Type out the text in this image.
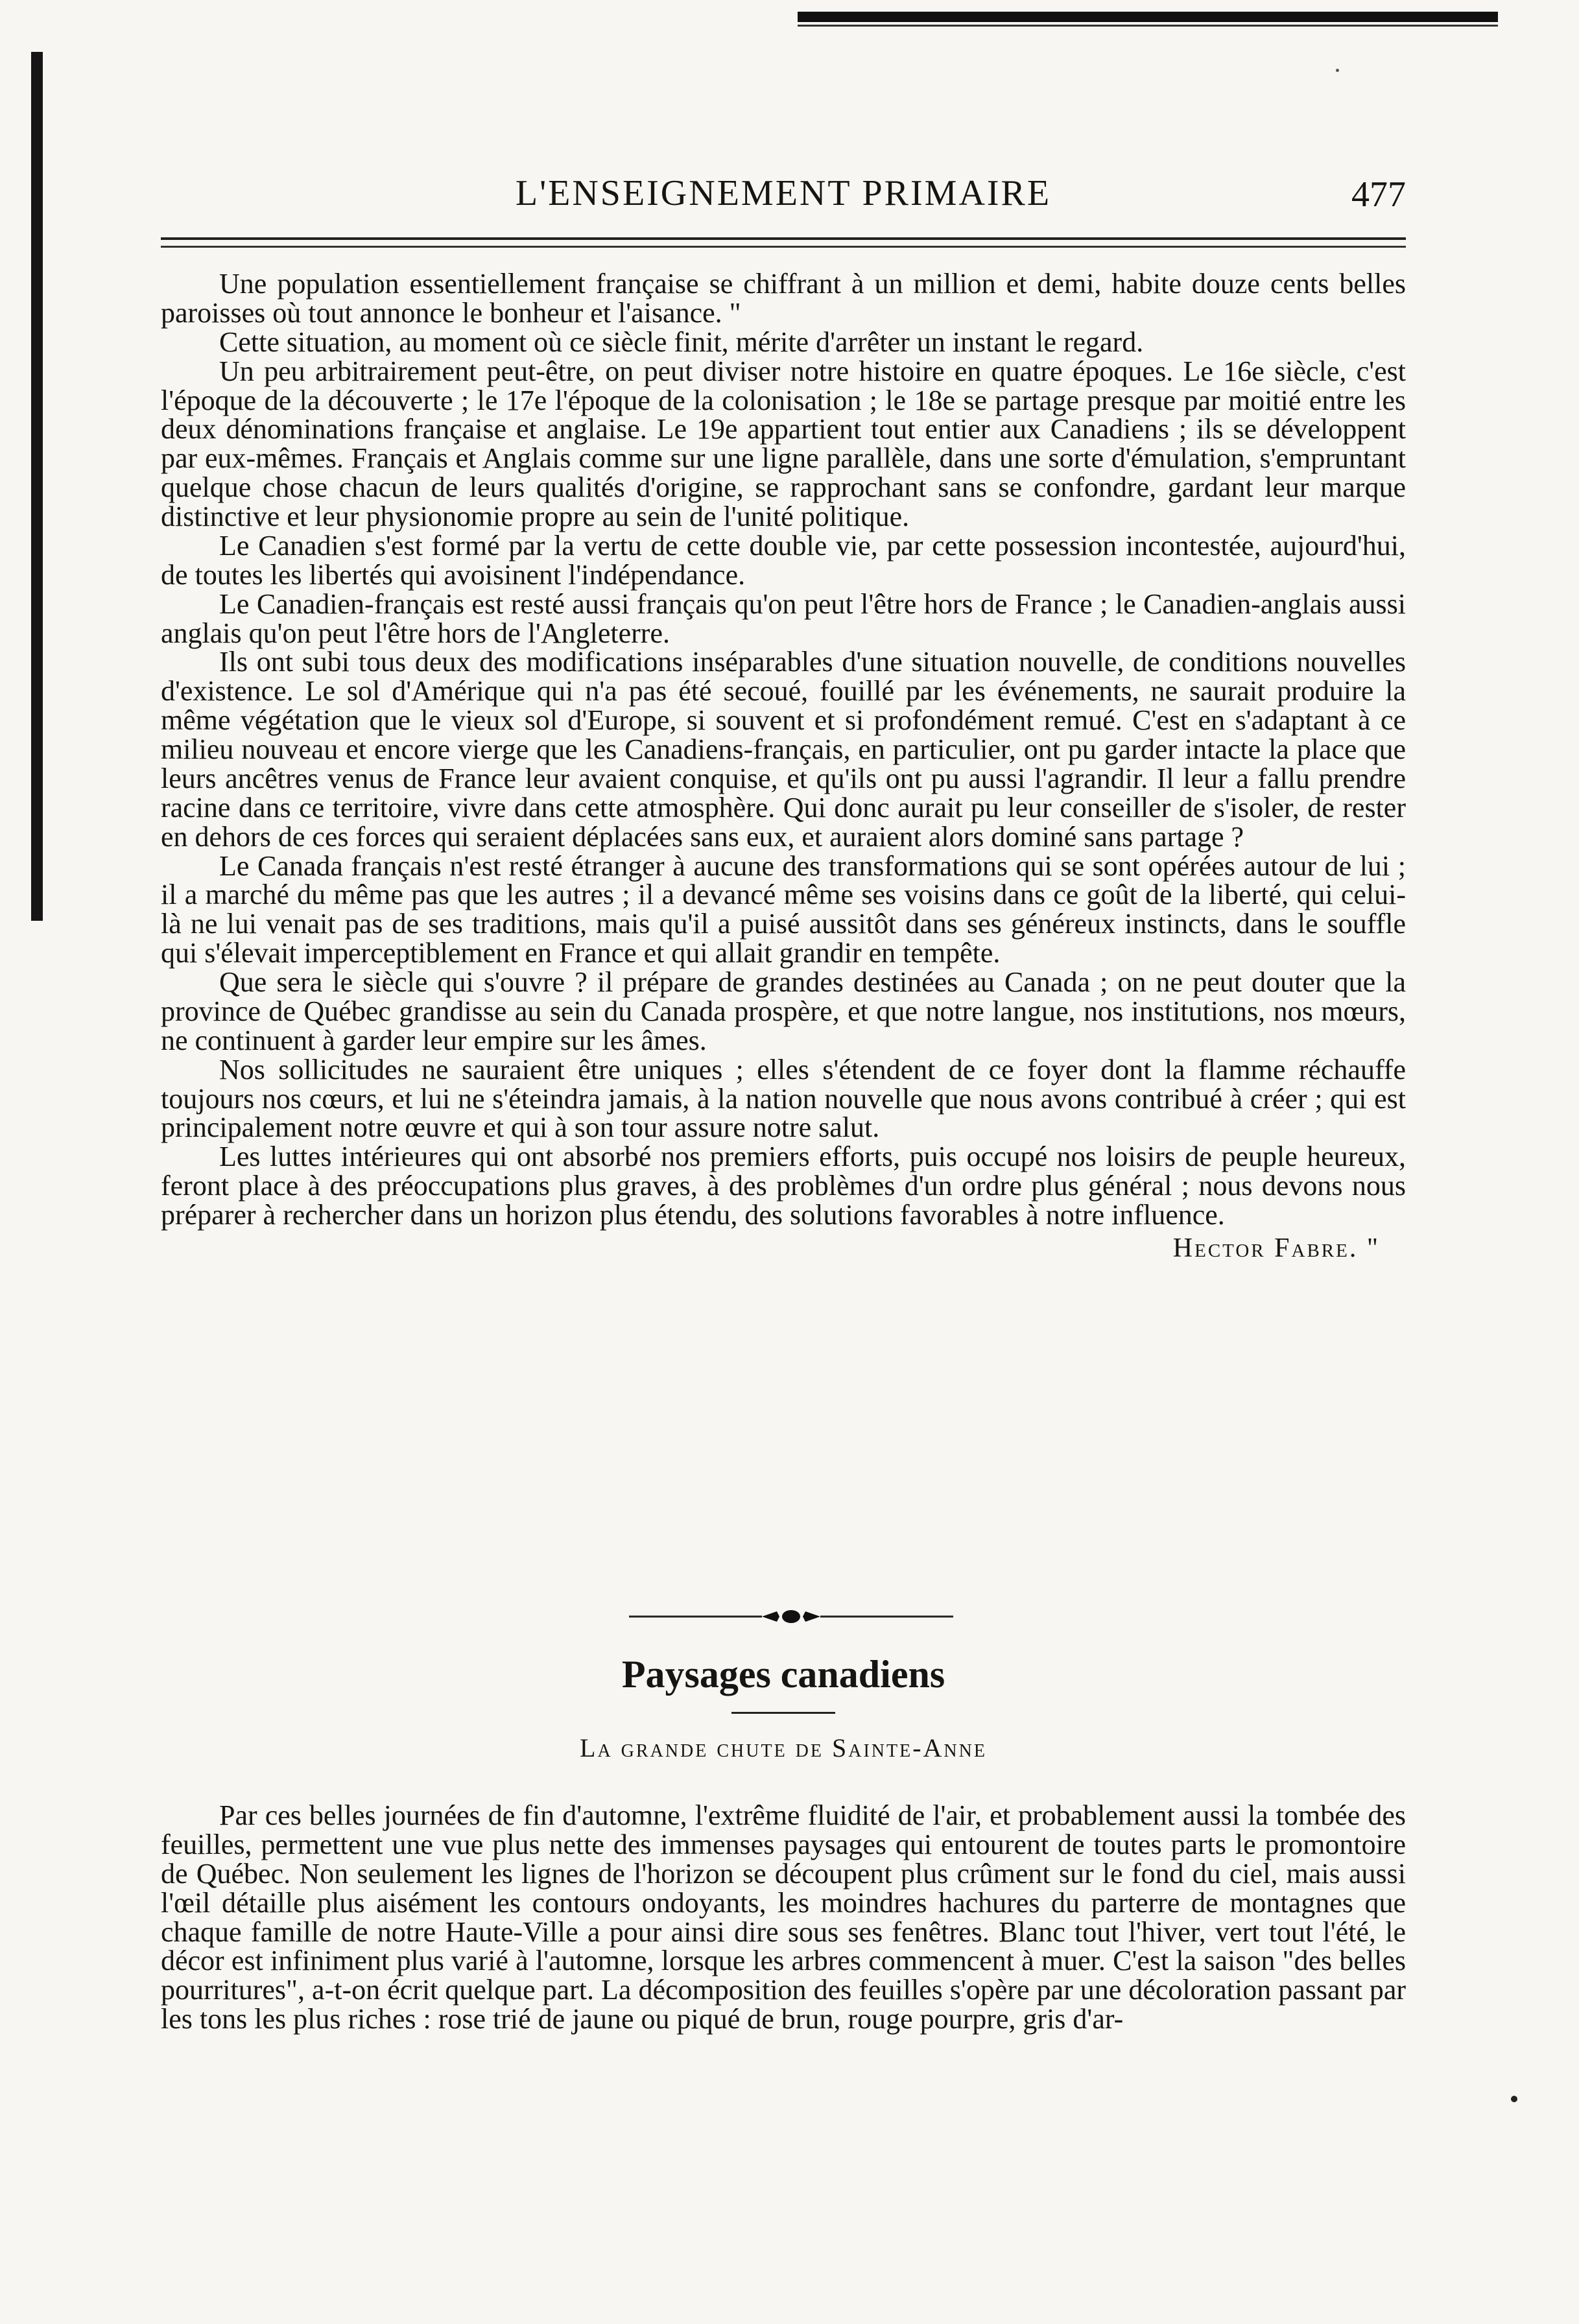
L'ENSEIGNEMENT PRIMAIRE	477

Une population essentiellement française se chiffrant à un million et demi, habite douze cents belles paroisses où tout annonce le bonheur et l'aisance. "

Cette situation, au moment où ce siècle finit, mérite d'arrêter un instant le regard.

Un peu arbitrairement peut-être, on peut diviser notre histoire en quatre époques. Le 16e siècle, c'est l'époque de la découverte ; le 17e l'époque de la colonisation ; le 18e se partage presque par moitié entre les deux dénominations française et anglaise. Le 19e appartient tout entier aux Canadiens ; ils se développent par eux-mêmes. Français et Anglais comme sur une ligne parallèle, dans une sorte d'émulation, s'empruntant quelque chose chacun de leurs qualités d'origine, se rapprochant sans se confondre, gardant leur marque distinctive et leur physionomie propre au sein de l'unité politique.

Le Canadien s'est formé par la vertu de cette double vie, par cette possession incontestée, aujourd'hui, de toutes les libertés qui avoisinent l'indépendance.

Le Canadien-français est resté aussi français qu'on peut l'être hors de France ; le Canadien-anglais aussi anglais qu'on peut l'être hors de l'Angleterre.

Ils ont subi tous deux des modifications inséparables d'une situation nouvelle, de conditions nouvelles d'existence. Le sol d'Amérique qui n'a pas été secoué, fouillé par les événements, ne saurait produire la même végétation que le vieux sol d'Europe, si souvent et si profondément remué. C'est en s'adaptant à ce milieu nouveau et encore vierge que les Canadiens-français, en particulier, ont pu garder intacte la place que leurs ancêtres venus de France leur avaient conquise, et qu'ils ont pu aussi l'agrandir. Il leur a fallu prendre racine dans ce territoire, vivre dans cette atmosphère. Qui donc aurait pu leur conseiller de s'isoler, de rester en dehors de ces forces qui seraient déplacées sans eux, et auraient alors dominé sans partage ?

Le Canada français n'est resté étranger à aucune des transformations qui se sont opérées autour de lui ; il a marché du même pas que les autres ; il a devancé même ses voisins dans ce goût de la liberté, qui celui-là ne lui venait pas de ses traditions, mais qu'il a puisé aussitôt dans ses généreux instincts, dans le souffle qui s'élevait imperceptiblement en France et qui allait grandir en tempête.

Que sera le siècle qui s'ouvre ? il prépare de grandes destinées au Canada ; on ne peut douter que la province de Québec grandisse au sein du Canada prospère, et que notre langue, nos institutions, nos mœurs, ne continuent à garder leur empire sur les âmes.

Nos sollicitudes ne sauraient être uniques ; elles s'étendent de ce foyer dont la flamme réchauffe toujours nos cœurs, et lui ne s'éteindra jamais, à la nation nouvelle que nous avons contribué à créer ; qui est principalement notre œuvre et qui à son tour assure notre salut.

Les luttes intérieures qui ont absorbé nos premiers efforts, puis occupé nos loisirs de peuple heureux, feront place à des préoccupations plus graves, à des problèmes d'un ordre plus général ; nous devons nous préparer à rechercher dans un horizon plus étendu, des solutions favorables à notre influence.

Hector Fabre. "
Paysages canadiens
La grande chute de Sainte-Anne

Par ces belles journées de fin d'automne, l'extrême fluidité de l'air, et probablement aussi la tombée des feuilles, permettent une vue plus nette des immenses paysages qui entourent de toutes parts le promontoire de Québec. Non seulement les lignes de l'horizon se découpent plus crûment sur le fond du ciel, mais aussi l'œil détaille plus aisément les contours ondoyants, les moindres hachures du parterre de montagnes que chaque famille de notre Haute-Ville a pour ainsi dire sous ses fenêtres. Blanc tout l'hiver, vert tout l'été, le décor est infiniment plus varié à l'automne, lorsque les arbres commencent à muer. C'est la saison "des belles pourritures", a-t-on écrit quelque part. La décomposition des feuilles s'opère par une décoloration passant par les tons les plus riches : rose trié de jaune ou piqué de brun, rouge pourpre, gris d'ar-
